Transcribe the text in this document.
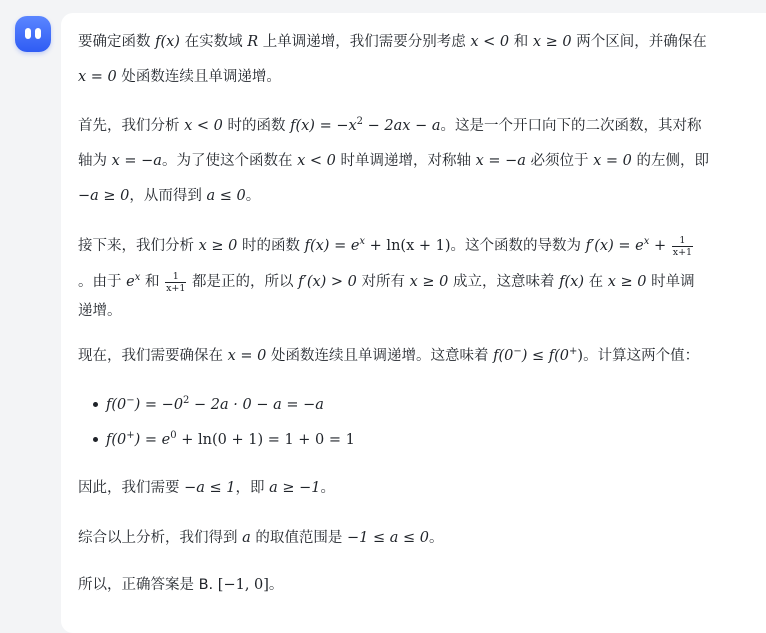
要确定函数 f(x) 在实数域 R 上单调递增，我们需要分别考虑 x < 0 和 x ≥ 0 两个区间，并确保在
x = 0 处函数连续且单调递增。
首先，我们分析 x < 0 时的函数 $f(x) = -x^2 - 2ax - a$。这是一个开口向下的二次函数，其对称
轴为 x = −a。为了使这个函数在 x < 0 时单调递增，对称轴 x = −a 必须位于 x = 0 的左侧，即
−a ≥ 0，从而得到 a ≤ 0。
接下来，我们分析 x ≥ 0 时的函数 $f(x) = e^x + \ln(x + 1)$。这个函数的导数为 $f'(x) = e^x + \frac{1}{x+1}$
。由于 $e^x$ 和 $\frac{1}{x+1}$ 都是正的，所以 f′(x) > 0 对所有 x ≥ 0 成立，这意味着 f(x) 在 x ≥ 0 时单调
递增。
现在，我们需要确保在 x = 0 处函数连续且单调递增。这意味着 f(0−) ≤ f(0+)。计算这两个值：
$f(0^-) = -0^2 - 2a \cdot 0 - a = -a$
$f(0^+) = e^0 + \ln(0 + 1) = 1 + 0 = 1$
因此，我们需要 −a ≤ 1，即 a ≥ −1。
综合以上分析，我们得到 a 的取值范围是 −1 ≤ a ≤ 0。
所以，正确答案是 B. [−1, 0]。
